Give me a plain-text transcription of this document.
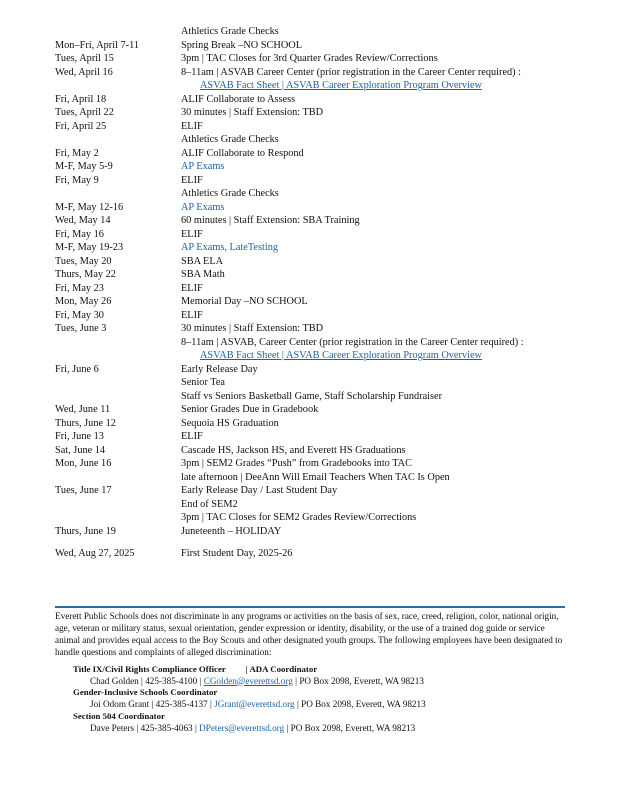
Athletics Grade Checks
Mon–Fri, April 7-11	Spring Break –NO SCHOOL
Tues, April 15	3pm | TAC Closes for 3rd Quarter Grades Review/Corrections
Wed, April 16	8–11am | ASVAB Career Center (prior registration in the Career Center required) :
ASVAB Fact Sheet | ASVAB Career Exploration Program Overview
Fri, April 18	ALIF Collaborate to Assess
Tues, April 22	30 minutes | Staff Extension: TBD
Fri, April 25	ELIF
Athletics Grade Checks
Fri, May 2	ALIF Collaborate to Respond
M-F, May 5-9	AP Exams
Fri, May 9	ELIF
Athletics Grade Checks
M-F, May 12-16	AP Exams
Wed, May 14	60 minutes | Staff Extension: SBA Training
Fri, May 16	ELIF
M-F, May 19-23	AP Exams, LateTesting
Tues, May 20	SBA ELA
Thurs, May 22	SBA Math
Fri, May 23	ELIF
Mon, May 26	Memorial Day –NO SCHOOL
Fri, May 30	ELIF
Tues, June 3	30 minutes | Staff Extension: TBD
8–11am | ASVAB, Career Center (prior registration in the Career Center required) :
ASVAB Fact Sheet | ASVAB Career Exploration Program Overview
Fri, June 6	Early Release Day
Senior Tea
Staff vs Seniors Basketball Game, Staff Scholarship Fundraiser
Wed, June 11	Senior Grades Due in Gradebook
Thurs, June 12	Sequoia HS Graduation
Fri, June 13	ELIF
Sat, June 14	Cascade HS, Jackson HS, and Everett HS Graduations
Mon, June 16	3pm | SEM2 Grades “Push” from Gradebooks into TAC
late afternoon | DeeAnn Will Email Teachers When TAC Is Open
Tues, June 17	Early Release Day / Last Student Day
End of SEM2
3pm | TAC Closes for SEM2 Grades Review/Corrections
Thurs, June 19	Juneteenth – HOLIDAY
Wed, Aug 27, 2025	First Student Day, 2025-26

Everett Public Schools does not discriminate in any programs or activities on the basis of sex, race, creed, religion, color, national origin, age, veteran or military status, sexual orientation, gender expression or identity, disability, or the use of a trained dog guide or service animal and provides equal access to the Boy Scouts and other designated youth groups. The following employees have been designated to handle questions and complaints of alleged discrimination:

Title IX/Civil Rights Compliance Officer | ADA Coordinator
Chad Golden | 425-385-4100 | CGolden@everettsd.org | PO Box 2098, Everett, WA 98213
Gender-Inclusive Schools Coordinator
Joi Odom Grant | 425-385-4137 | JGrant@everettsd.org | PO Box 2098, Everett, WA 98213
Section 504 Coordinator
Dave Peters | 425-385-4063 | DPeters@everettsd.org | PO Box 2098, Everett, WA 98213
